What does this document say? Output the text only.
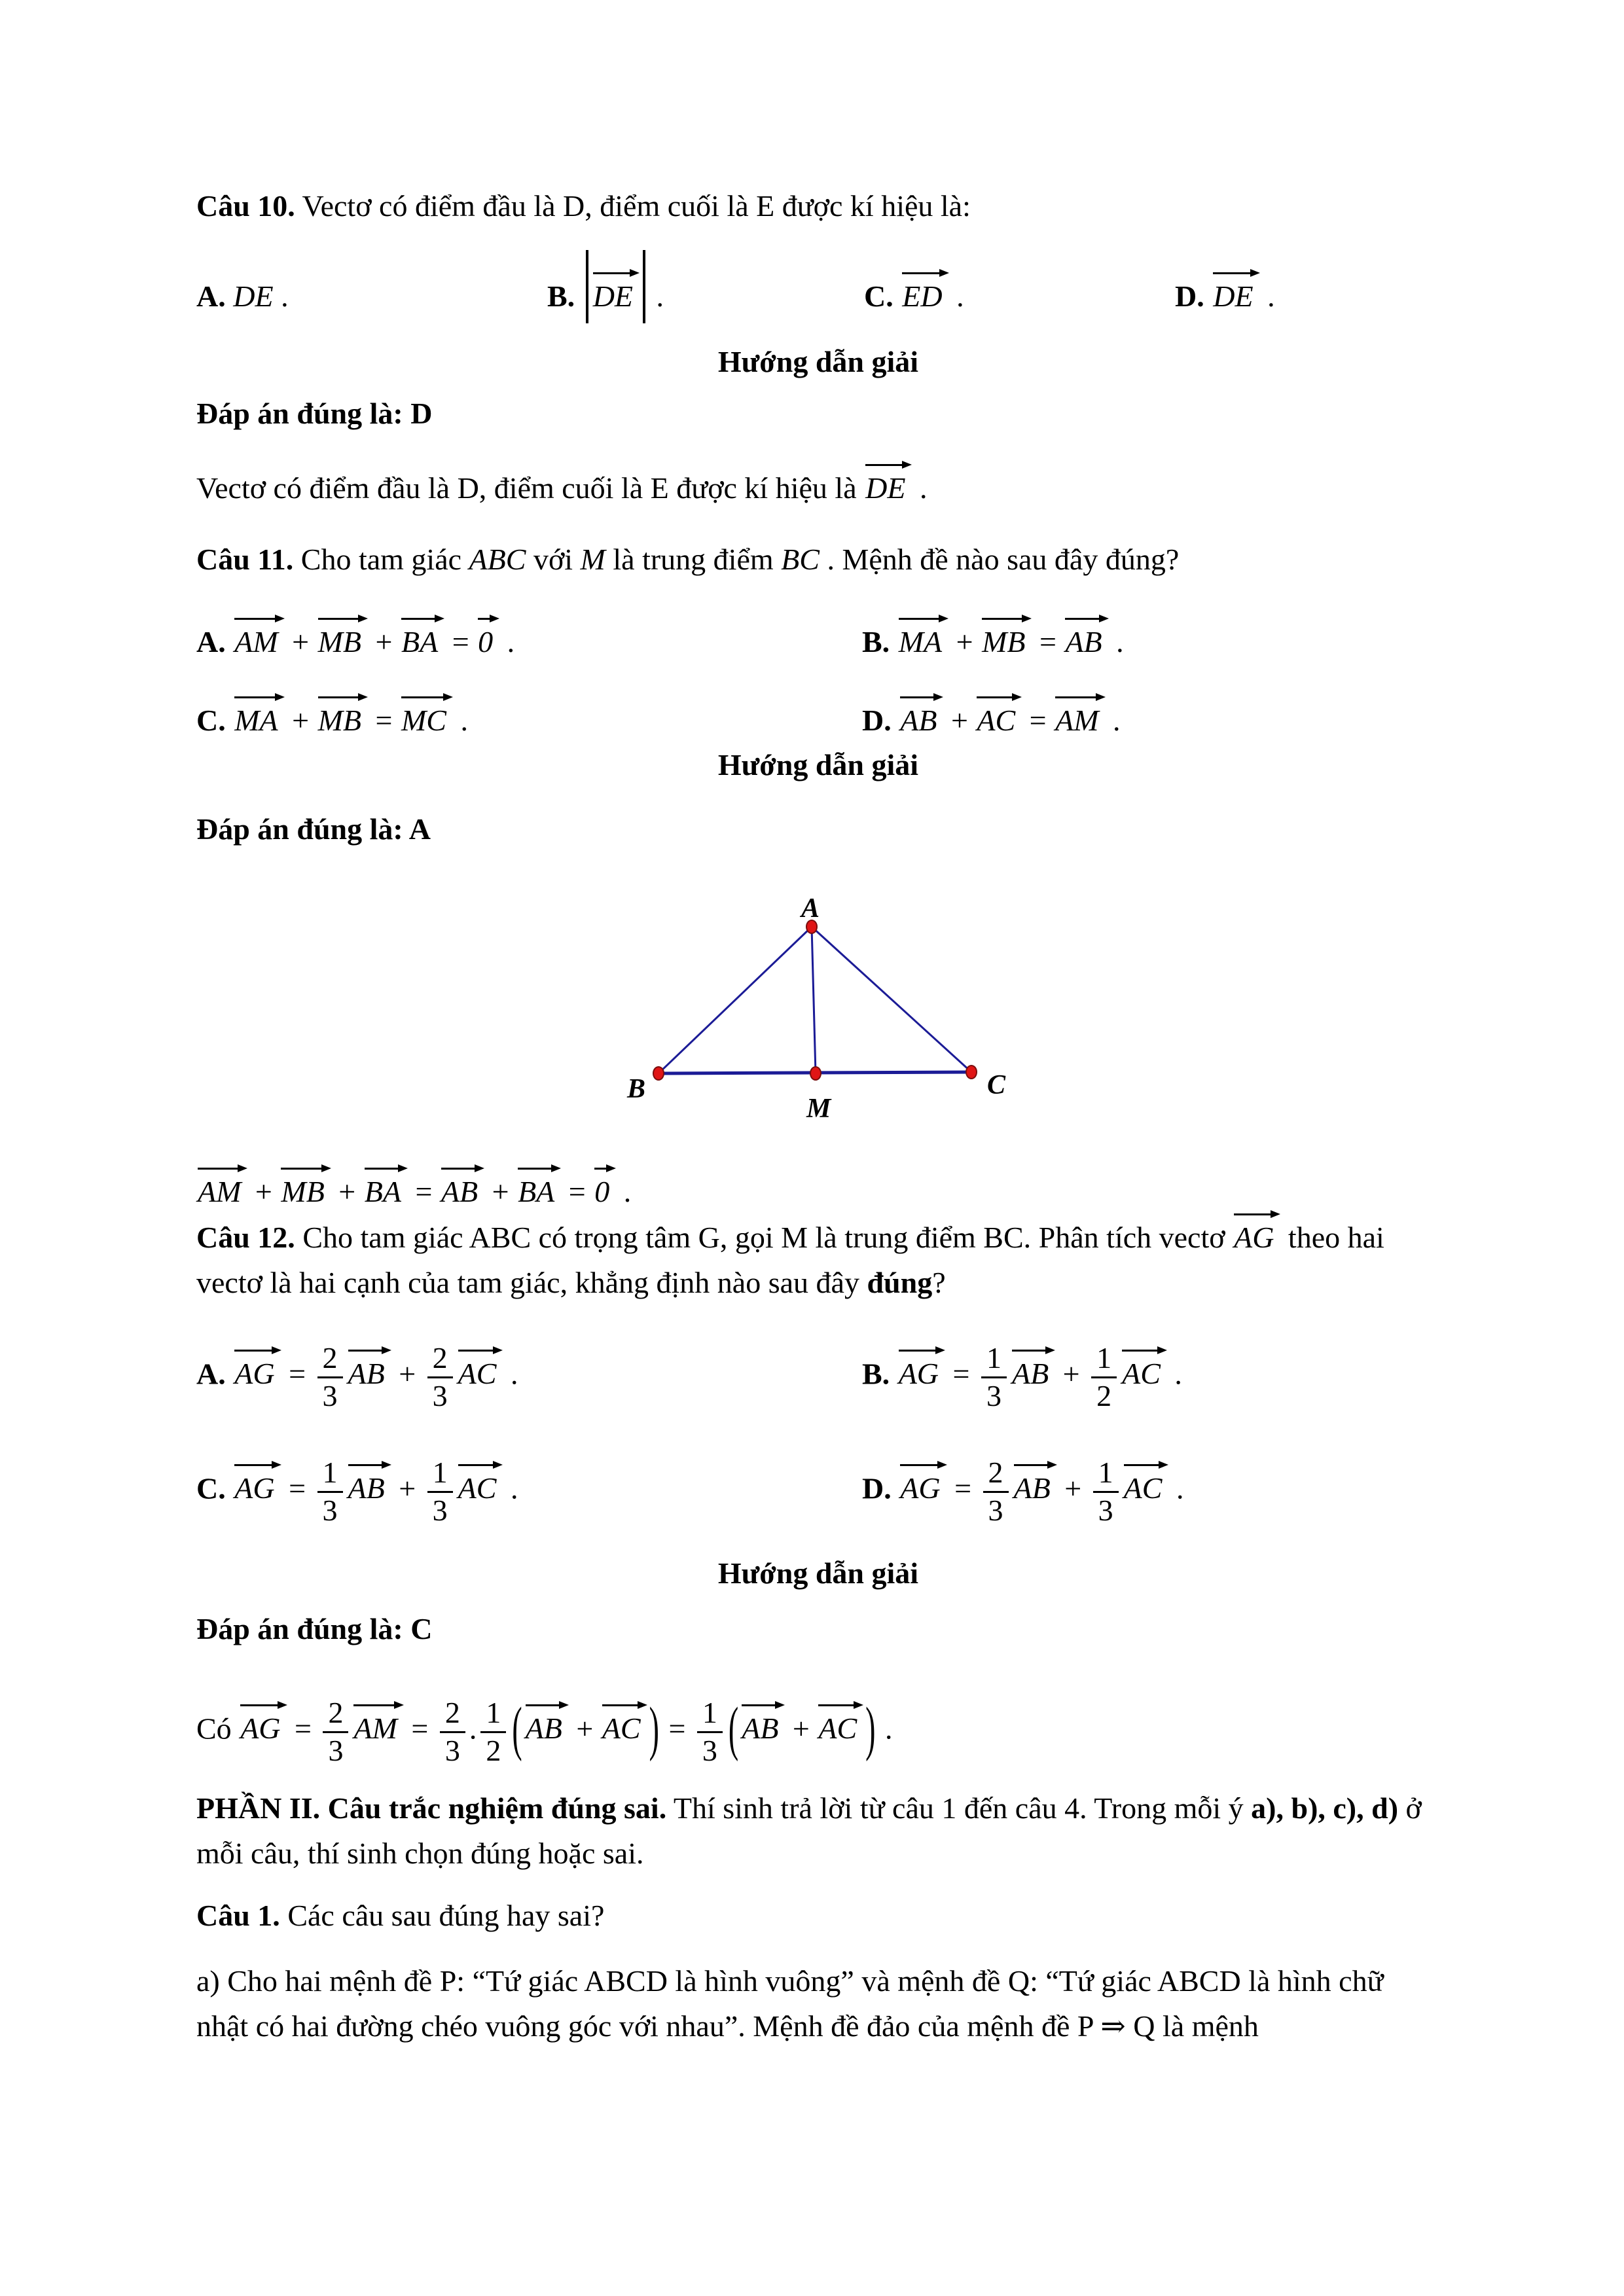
Câu 10. Vectơ có điểm đầu là D, điểm cuối là E được kí hiệu là:

A. DE .	B. DE .	C. ED .	D. DE .

Hướng dẫn giải

Đáp án đúng là: D

Vectơ có điểm đầu là D, điểm cuối là E được kí hiệu là DE .

Câu 11. Cho tam giác ABC với M là trung điểm BC . Mệnh đề nào sau đây đúng?

A. AM + MB + BA = 0 .	B. MA + MB = AB .
C. MA + MB = MC .	D. AB + AC = AM .

Hướng dẫn giải

Đáp án đúng là: A

A
B	C
M

AM + MB + BA = AB + BA = 0 .

Câu 12. Cho tam giác ABC có trọng tâm G, gọi M là trung điểm BC. Phân tích vectơ AG theo hai vectơ là hai cạnh của tam giác, khẳng định nào sau đây đúng?

A. AG = $\frac{2}{3}$ AB + $\frac{2}{3}$ AC .	B. AG = $\frac{1}{3}$ AB + $\frac{1}{2}$ AC .
C. AG = $\frac{1}{3}$ AB + $\frac{1}{3}$ AC .	D. AG = $\frac{2}{3}$ AB + $\frac{1}{3}$ AC .

Hướng dẫn giải

Đáp án đúng là: C

Có AG = $\frac{2}{3}$ AM = $\frac{2}{3}$ . $\frac{1}{2}$ ( AB + AC ) = $\frac{1}{3}$ ( AB + AC ) .

PHẦN II. Câu trắc nghiệm đúng sai. Thí sinh trả lời từ câu 1 đến câu 4. Trong mỗi ý a), b), c), d) ở mỗi câu, thí sinh chọn đúng hoặc sai.

Câu 1. Các câu sau đúng hay sai?

a) Cho hai mệnh đề P: “Tứ giác ABCD là hình vuông” và mệnh đề Q: “Tứ giác ABCD là hình chữ nhật có hai đường chéo vuông góc với nhau”. Mệnh đề đảo của mệnh đề P ⇒ Q là mệnh
